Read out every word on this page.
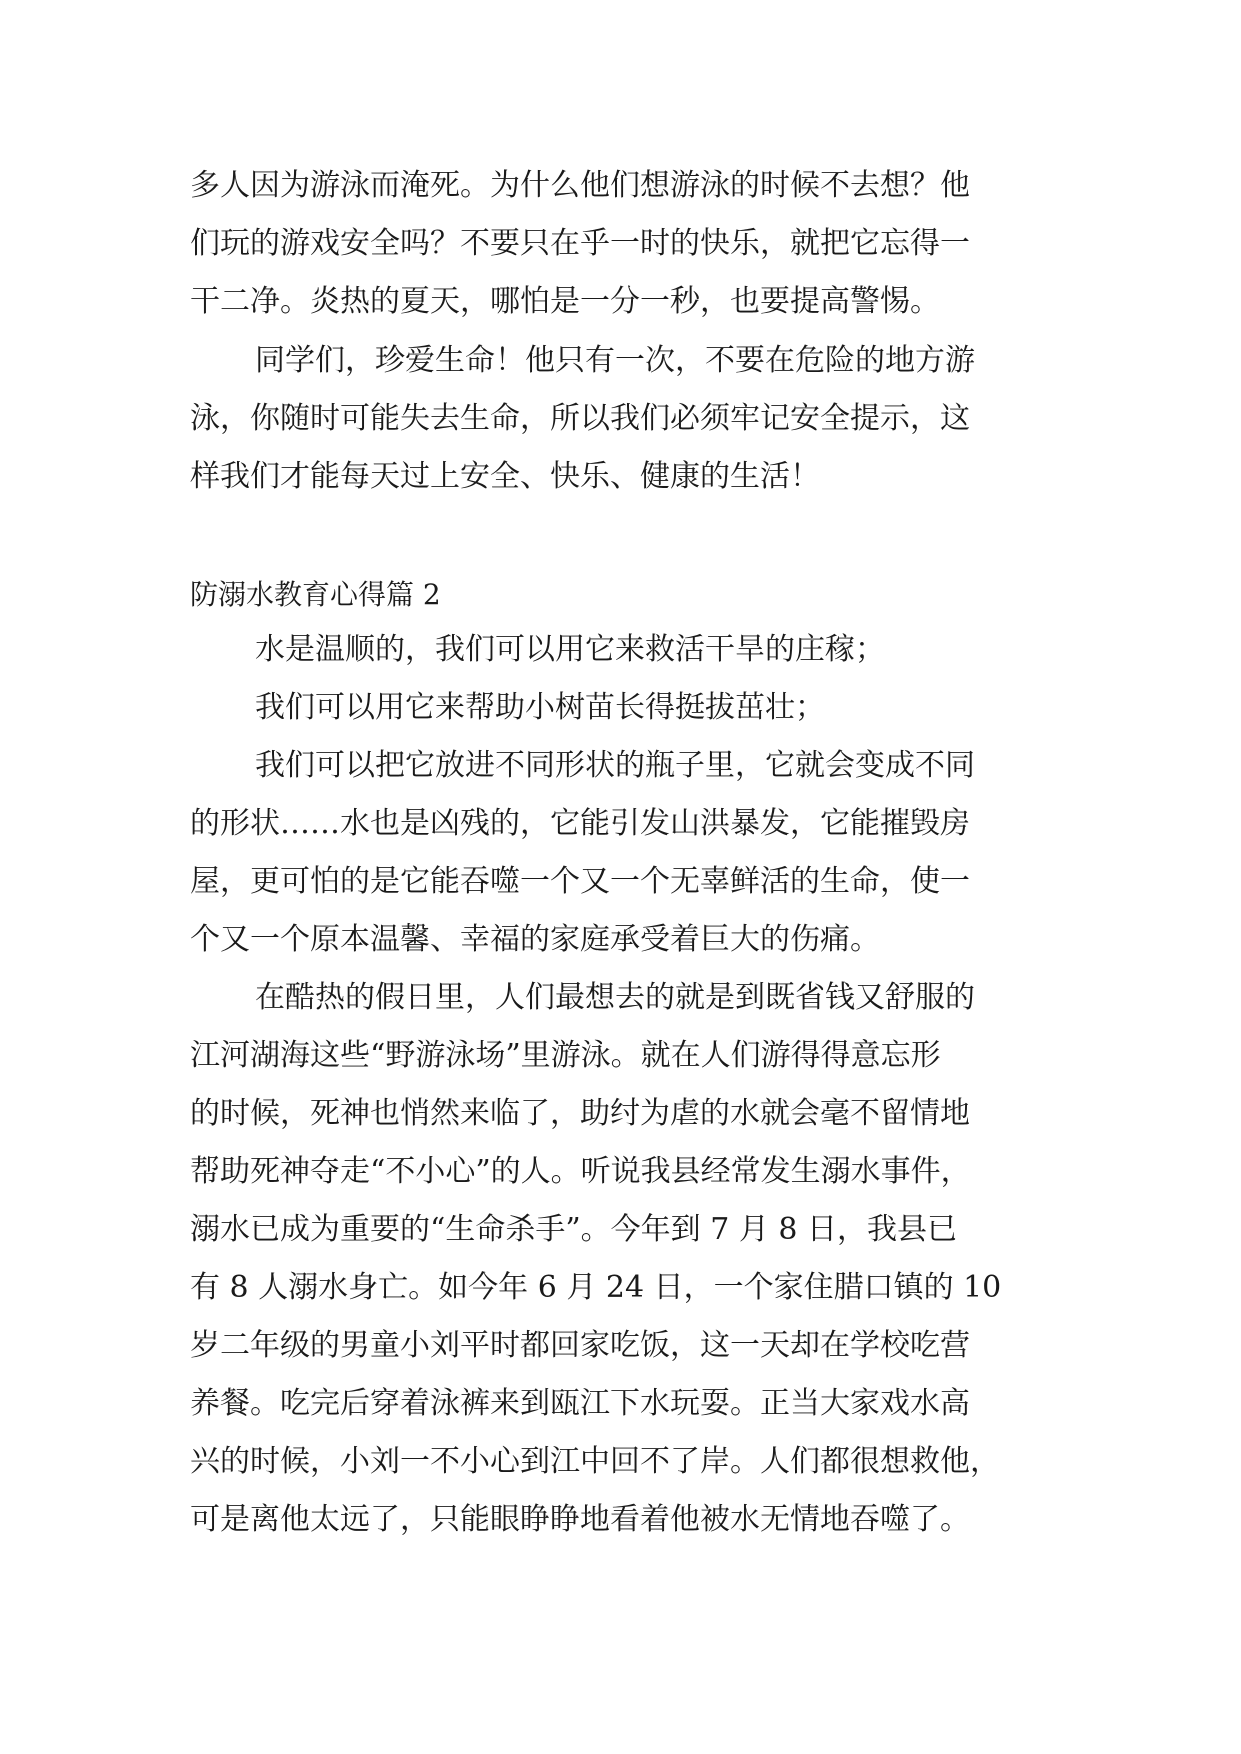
多人因为游泳而淹死。为什么他们想游泳的时候不去想？他
们玩的游戏安全吗？不要只在乎一时的快乐，就把它忘得一
干二净。炎热的夏天，哪怕是一分一秒，也要提高警惕。
同学们，珍爱生命！他只有一次，不要在危险的地方游
泳，你随时可能失去生命，所以我们必须牢记安全提示，这
样我们才能每天过上安全、快乐、健康的生活！
防溺水教育心得篇 2
水是温顺的，我们可以用它来救活干旱的庄稼；
我们可以用它来帮助小树苗长得挺拔茁壮；
我们可以把它放进不同形状的瓶子里，它就会变成不同
的形状……水也是凶残的，它能引发山洪暴发，它能摧毁房
屋，更可怕的是它能吞噬一个又一个无辜鲜活的生命，使一
个又一个原本温馨、幸福的家庭承受着巨大的伤痛。
在酷热的假日里，人们最想去的就是到既省钱又舒服的
江河湖海这些“野游泳场”里游泳。就在人们游得得意忘形
的时候，死神也悄然来临了，助纣为虐的水就会毫不留情地
帮助死神夺走“不小心”的人。听说我县经常发生溺水事件，
溺水已成为重要的“生命杀手”。今年到 7 月 8 日，我县已
有 8 人溺水身亡。如今年 6 月 24 日，一个家住腊口镇的 10
岁二年级的男童小刘平时都回家吃饭，这一天却在学校吃营
养餐。吃完后穿着泳裤来到瓯江下水玩耍。正当大家戏水高
兴的时候，小刘一不小心到江中回不了岸。人们都很想救他，
可是离他太远了，只能眼睁睁地看着他被水无情地吞噬了。
